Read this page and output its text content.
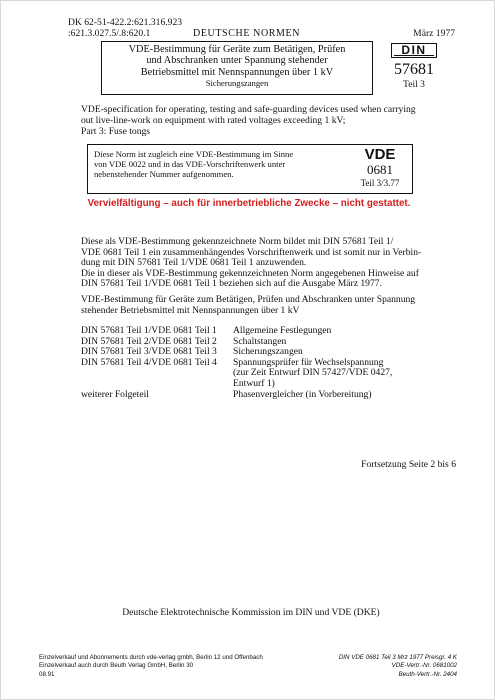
DK 62-51-422.2:621.316.923
:621.3.027.5/.8:620.1	DEUTSCHE NORMEN	März 1977
VDE-Bestimmung für Geräte zum Betätigen, Prüfen
und Abschranken unter Spannung stehender
Betriebsmittel mit Nennspannungen über 1 kV
Sicherungszangen
DIN
57681
Teil 3
VDE-specification for operating, testing and safe-guarding devices used when carrying
out live-line-work on equipment with rated voltages exceeding 1 kV;
Part 3: Fuse tongs
Diese Norm ist zugleich eine VDE-Bestimmung im Sinne
von VDE 0022 und in das VDE-Vorschriftenwerk unter
nebenstehender Nummer aufgenommen.
VDE
0681
Teil 3/3.77
Vervielfältigung – auch für innerbetriebliche Zwecke – nicht gestattet.
Diese als VDE-Bestimmung gekennzeichnete Norm bildet mit DIN 57681 Teil 1/
VDE 0681 Teil 1 ein zusammenhängendes Vorschriftenwerk und ist somit nur in Verbin-
dung mit DIN 57681 Teil 1/VDE 0681 Teil 1 anzuwenden.
Die in dieser als VDE-Bestimmung gekennzeichneten Norm angegebenen Hinweise auf
DIN 57681 Teil 1/VDE 0681 Teil 1 beziehen sich auf die Ausgabe März 1977.
VDE-Bestimmung für Geräte zum Betätigen, Prüfen und Abschranken unter Spannung
stehender Betriebsmittel mit Nennspannungen über 1 kV
DIN 57681 Teil 1/VDE 0681 Teil 1	Allgemeine Festlegungen
DIN 57681 Teil 2/VDE 0681 Teil 2	Schaltstangen
DIN 57681 Teil 3/VDE 0681 Teil 3	Sicherungszangen
DIN 57681 Teil 4/VDE 0681 Teil 4	Spannungsprüfer für Wechselspannung
(zur Zeit Entwurf DIN 57427/VDE 0427,
Entwurf 1)
weiterer Folgeteil	Phasenvergleicher (in Vorbereitung)
Fortsetzung Seite 2 bis 6
Deutsche Elektrotechnische Kommission im DIN und VDE (DKE)
Einzelverkauf und Abonnements durch vde-verlag gmbh, Berlin 12 und Offenbach
Einzelverkauf auch durch Beuth Verlag GmbH, Berlin 30
08.91
DIN VDE 0681 Teil 3 Mrz 1977 Preisgr. 4 K
VDE-Vertr.-Nr. 0681002
Beuth-Vertr.-Nr. 2404
